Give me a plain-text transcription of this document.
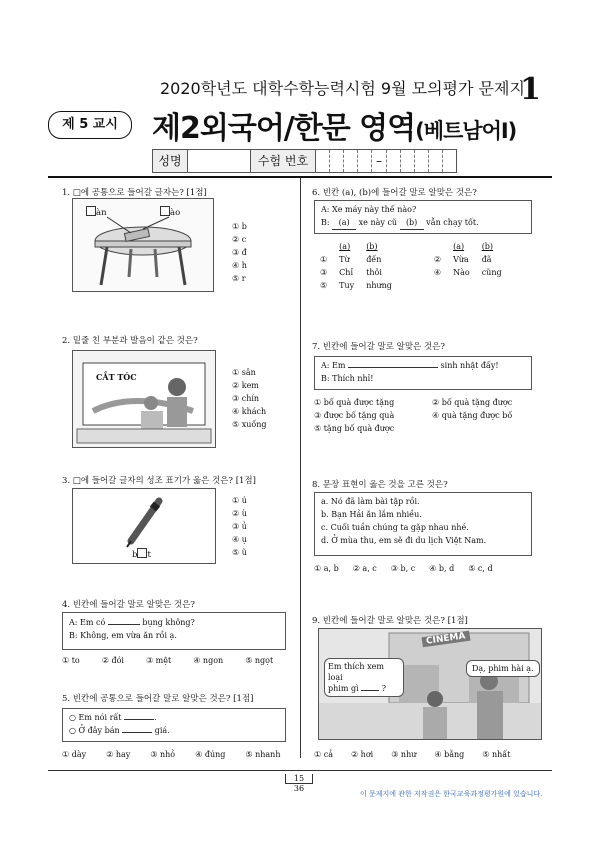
2020학년도 대학수학능력시험 9월 모의평가 문제지
1
제 5 교시	제2외국어/한문 영역(베트남어Ⅰ)
성명	수험 번호	–
1. □에 공통으로 들어갈 글자는? [1점]
àn	ào
① b
② c
③ đ
④ h
⑤ r
2. 밑줄 친 부분과 발음이 같은 것은?
CẮT TÓC	① sân
② kem
③ chín
④ khách
⑤ xuống
3. □에 들어갈 글자의 성조 표기가 옳은 것은? [1점]
b t
① ú
② ù
③ ủ
④ ụ
⑤ ũ
4. 빈칸에 들어갈 말로 알맞은 것은?
A: Em có	bụng không?
B: Không, em vừa ăn rồi ạ.
① to	② đói	③ mệt	④ ngon	⑤ ngọt
5. 빈칸에 공통으로 들어갈 말로 알맞은 것은? [1점]
○ Em nói rất	.
○ Ở đây bán	giá.
① dày	② hay	③ nhỏ	④ đúng	⑤ nhanh
6. 빈칸 (a), (b)에 들어갈 말로 알맞은 것은?
A: Xe máy này thế nào?
B: (a) xe này cũ (b) vẫn chạy tốt.
	(a)	(b)			(a)	(b)
①	Từ	đến		②	Vừa	đã
③	Chỉ	thôi		④	Nào	cũng
⑤	Tuy	nhưng				
7. 빈칸에 들어갈 말로 알맞은 것은?
A: Em	sinh nhật đấy!
B: Thích nhỉ!
① bố quà được tặng	② bố quà tặng được
③ được bố tặng quà	④ quà tặng được bố
⑤ tặng bố quà được
8. 문장 표현이 옳은 것을 고른 것은?
a. Nó đã làm bài tập rồi.
b. Bạn Hải ăn lắm nhiều.
c. Cuối tuần chúng ta gặp nhau nhé.
d. Ở mùa thu, em sẽ đi du lịch Việt Nam.
① a, b ② a, c ③ b, c ④ b, d ⑤ c, d
9. 빈칸에 들어갈 말로 알맞은 것은? [1점]
CINEMA
Em thích xem loại
phim gì	?
Dạ, phim hài ạ.
① cả ② hơi ③ như ④ bằng ⑤ nhất
15
36
이 문제지에 관한 저작권은 한국교육과정평가원에 있습니다.
